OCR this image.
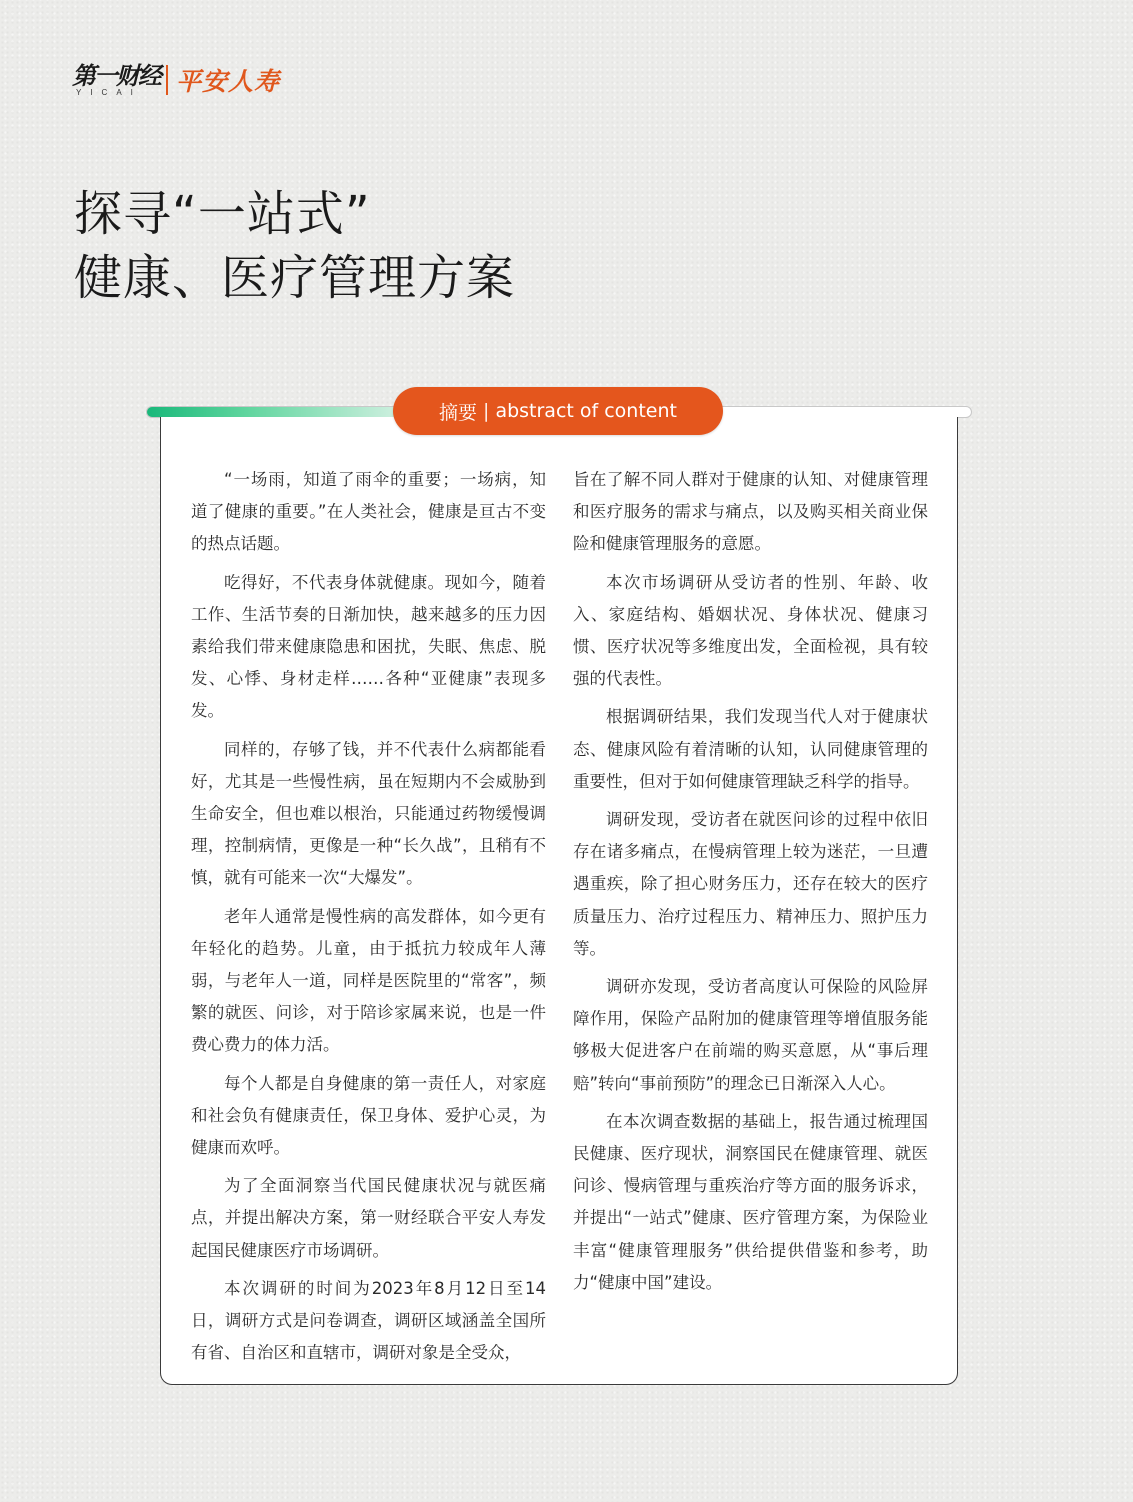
第一财经
YICAI 平安人寿
探寻“一站式”
健康、医疗管理方案
摘要 | abstract of content

“一场雨，知道了雨伞的重要；一场病，知道了健康的重要。”在人类社会，健康是亘古不变的热点话题。

吃得好，不代表身体就健康。现如今，随着工作、生活节奏的日渐加快，越来越多的压力因素给我们带来健康隐患和困扰，失眠、焦虑、脱发、心悸、身材走样……各种“亚健康”表现多发。

同样的，存够了钱，并不代表什么病都能看好，尤其是一些慢性病，虽在短期内不会威胁到生命安全，但也难以根治，只能通过药物缓慢调理，控制病情，更像是一种“长久战”，且稍有不慎，就有可能来一次“大爆发”。

老年人通常是慢性病的高发群体，如今更有年轻化的趋势。儿童，由于抵抗力较成年人薄弱，与老年人一道，同样是医院里的“常客”，频繁的就医、问诊，对于陪诊家属来说，也是一件费心费力的体力活。

每个人都是自身健康的第一责任人，对家庭和社会负有健康责任，保卫身体、爱护心灵，为健康而欢呼。

为了全面洞察当代国民健康状况与就医痛点，并提出解决方案，第一财经联合平安人寿发起国民健康医疗市场调研。

本次调研的时间为2023年8月12日至14日，调研方式是问卷调查，调研区域涵盖全国所有省、自治区和直辖市，调研对象是全受众，

旨在了解不同人群对于健康的认知、对健康管理和医疗服务的需求与痛点，以及购买相关商业保险和健康管理服务的意愿。

本次市场调研从受访者的性别、年龄、收入、家庭结构、婚姻状况、身体状况、健康习惯、医疗状况等多维度出发，全面检视，具有较强的代表性。

根据调研结果，我们发现当代人对于健康状态、健康风险有着清晰的认知，认同健康管理的重要性，但对于如何健康管理缺乏科学的指导。

调研发现，受访者在就医问诊的过程中依旧存在诸多痛点，在慢病管理上较为迷茫，一旦遭遇重疾，除了担心财务压力，还存在较大的医疗质量压力、治疗过程压力、精神压力、照护压力等。

调研亦发现，受访者高度认可保险的风险屏障作用，保险产品附加的健康管理等增值服务能够极大促进客户在前端的购买意愿，从“事后理赔”转向“事前预防”的理念已日渐深入人心。

在本次调查数据的基础上，报告通过梳理国民健康、医疗现状，洞察国民在健康管理、就医问诊、慢病管理与重疾治疗等方面的服务诉求，并提出“一站式”健康、医疗管理方案，为保险业丰富“健康管理服务”供给提供借鉴和参考，助力“健康中国”建设。
